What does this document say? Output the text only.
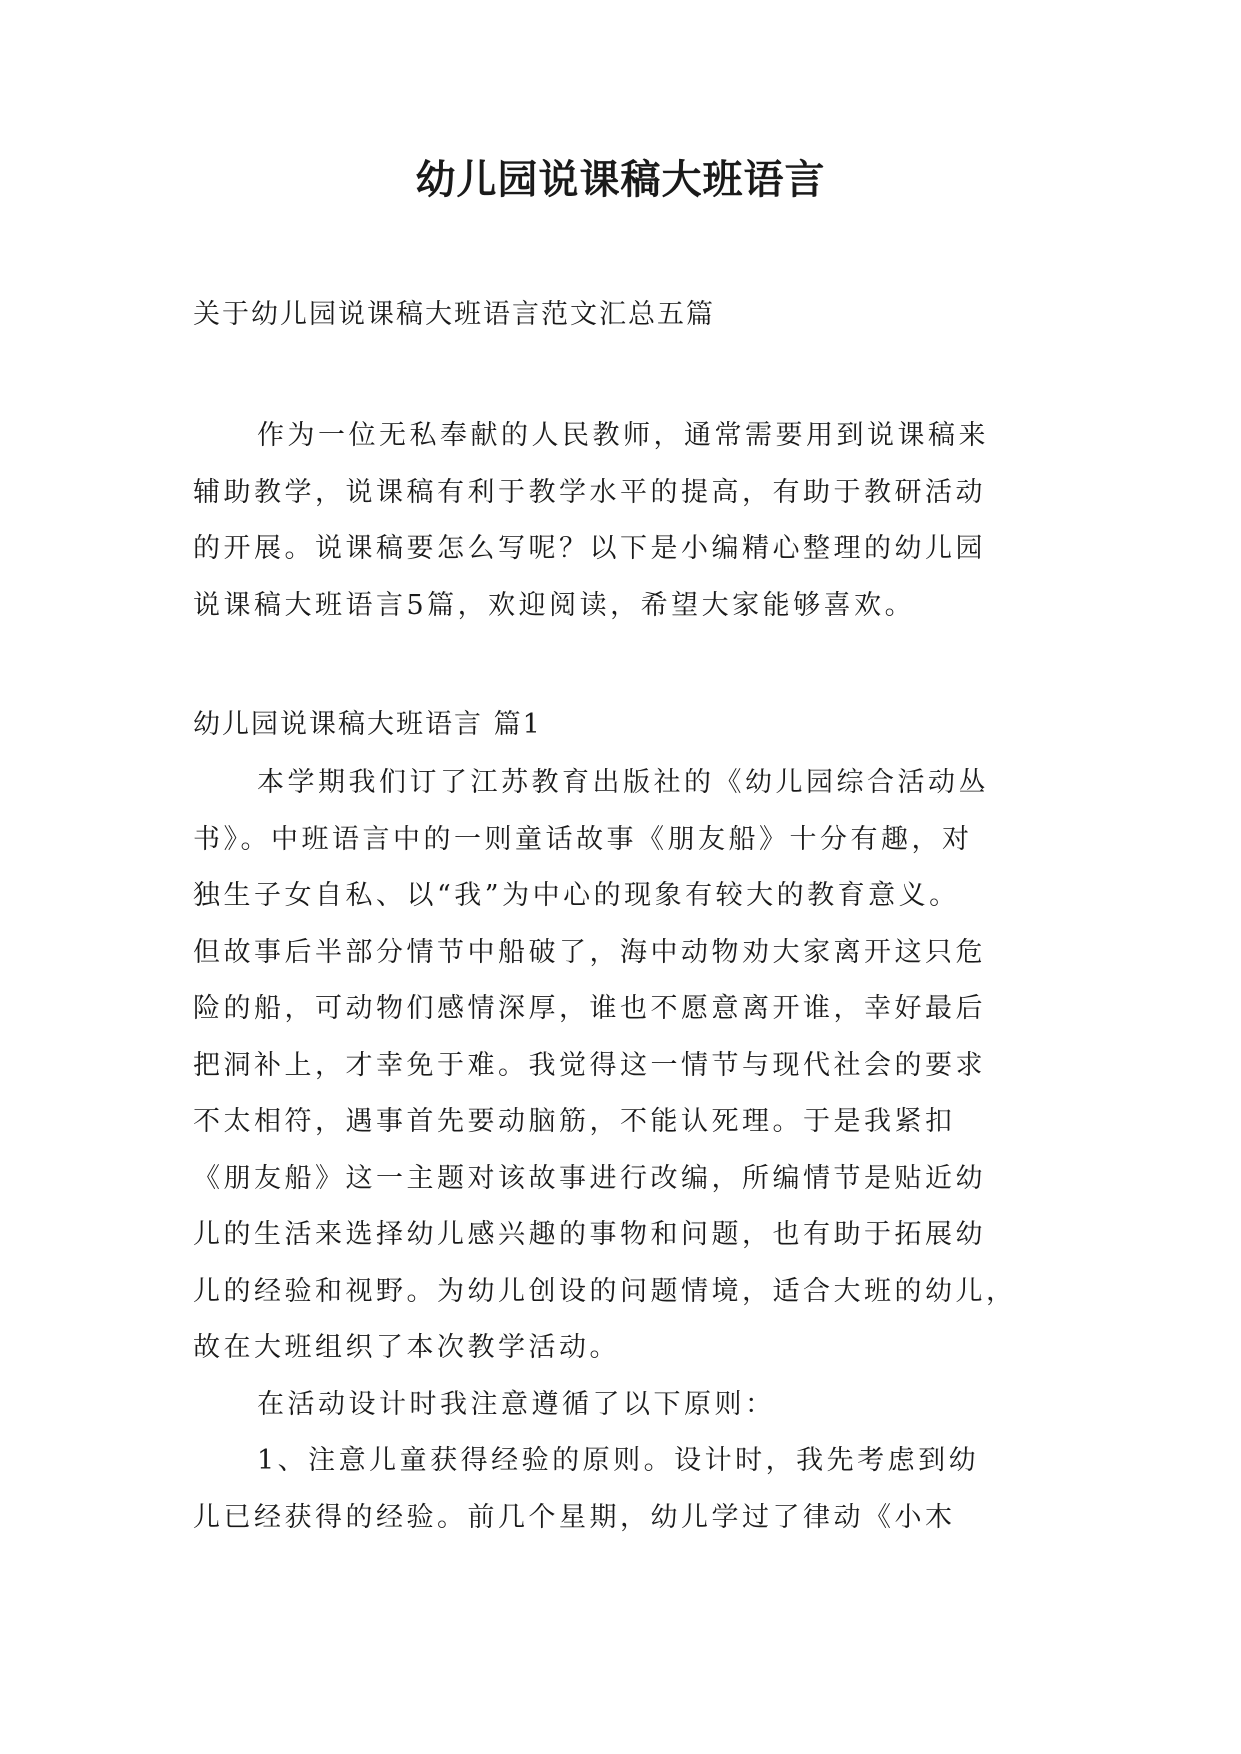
幼儿园说课稿大班语言

关于幼儿园说课稿大班语言范文汇总五篇

作为一位无私奉献的人民教师，通常需要用到说课稿来
辅助教学，说课稿有利于教学水平的提高，有助于教研活动
的开展。说课稿要怎么写呢？以下是小编精心整理的幼儿园
说课稿大班语言5篇，欢迎阅读，希望大家能够喜欢。

幼儿园说课稿大班语言 篇1

本学期我们订了江苏教育出版社的《幼儿园综合活动丛
书》。中班语言中的一则童话故事《朋友船》十分有趣，对
独生子女自私、以“我”为中心的现象有较大的教育意义。
但故事后半部分情节中船破了，海中动物劝大家离开这只危
险的船，可动物们感情深厚，谁也不愿意离开谁，幸好最后
把洞补上，才幸免于难。我觉得这一情节与现代社会的要求
不太相符，遇事首先要动脑筋，不能认死理。于是我紧扣
《朋友船》这一主题对该故事进行改编，所编情节是贴近幼
儿的生活来选择幼儿感兴趣的事物和问题，也有助于拓展幼
儿的经验和视野。为幼儿创设的问题情境，适合大班的幼儿，
故在大班组织了本次教学活动。
在活动设计时我注意遵循了以下原则：
1、注意儿童获得经验的原则。设计时，我先考虑到幼
儿已经获得的经验。前几个星期，幼儿学过了律动《小木
